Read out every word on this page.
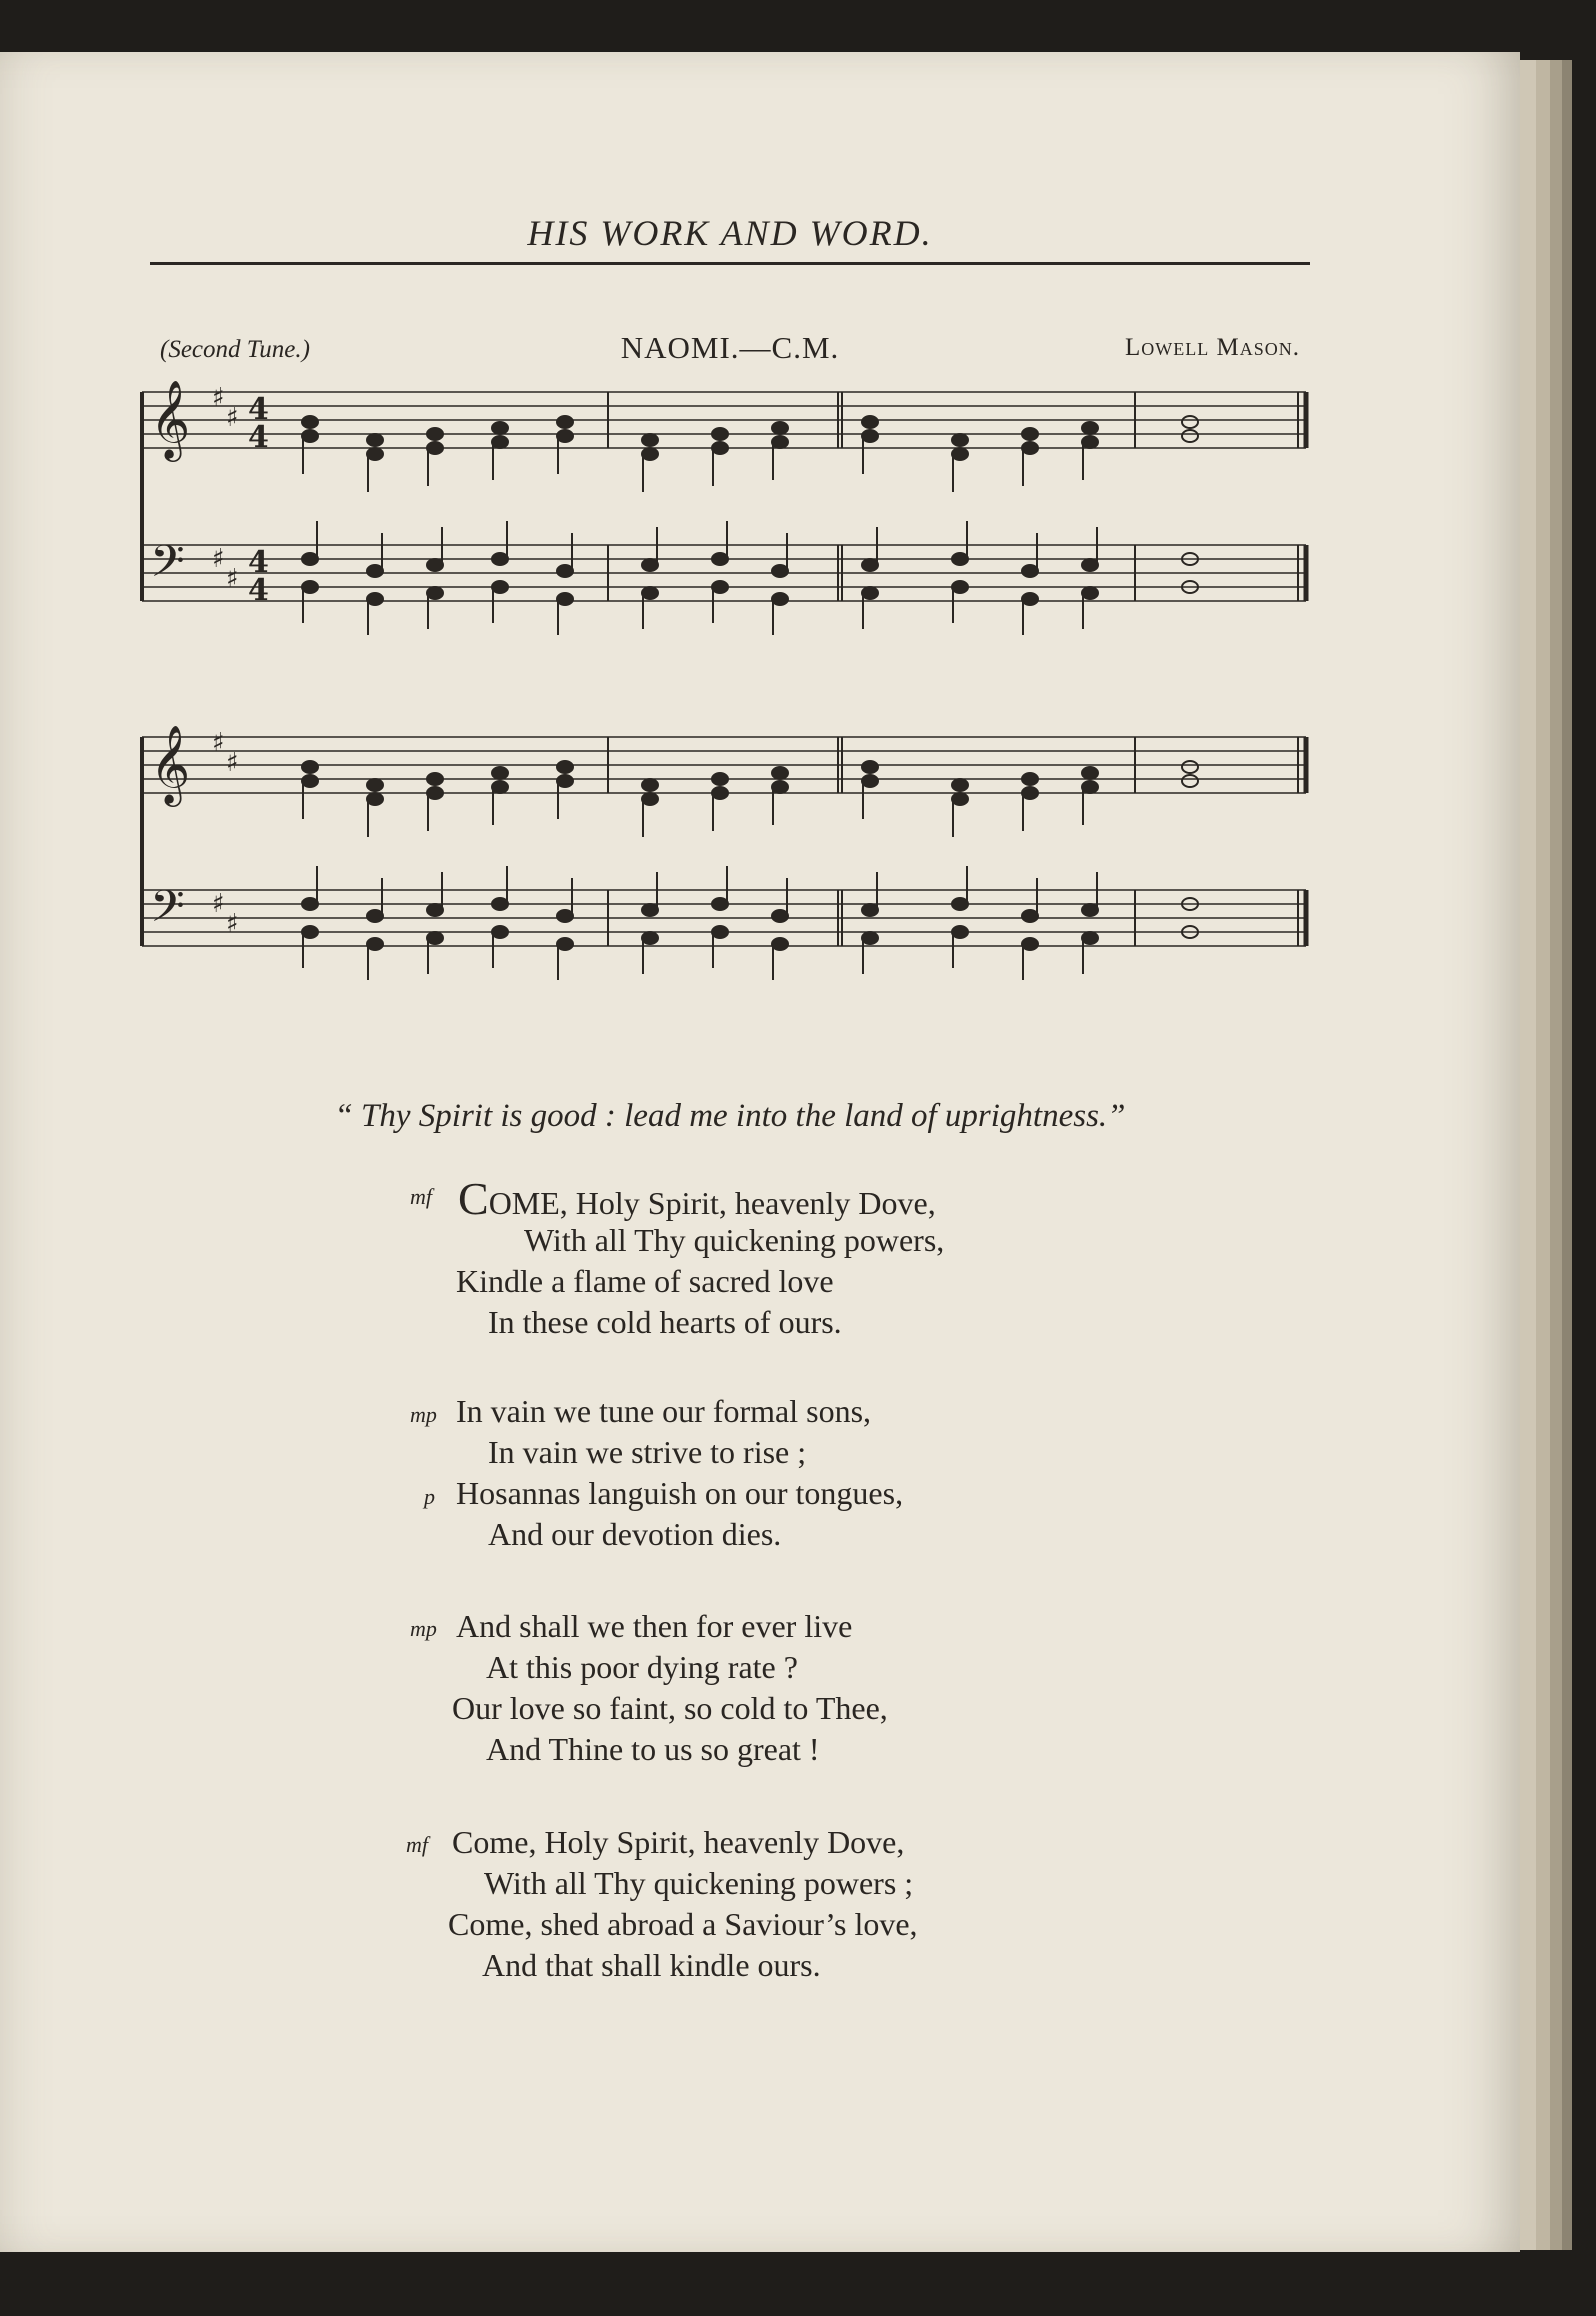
HIS WORK AND WORD.
(Second Tune.)	NAOMI.—C.M.	Lowell Mason.
𝄞 ♯
♯
𝄢 ♯
♯
4
4
4
4
𝄞 ♯
♯
𝄢 ♯
♯
“ Thy Spirit is good : lead me into the land of uprightness.”
mf COME, Holy Spirit, heavenly Dove,
With all Thy quickening powers,
Kindle a flame of sacred love
In these cold hearts of ours.
mp In vain we tune our formal sons,
In vain we strive to rise ;
p Hosannas languish on our tongues,
And our devotion dies.
mp And shall we then for ever live
At this poor dying rate ?
Our love so faint, so cold to Thee,
And Thine to us so great !
mf Come, Holy Spirit, heavenly Dove,
With all Thy quickening powers ;
Come, shed abroad a Saviour’s love,
And that shall kindle ours.
